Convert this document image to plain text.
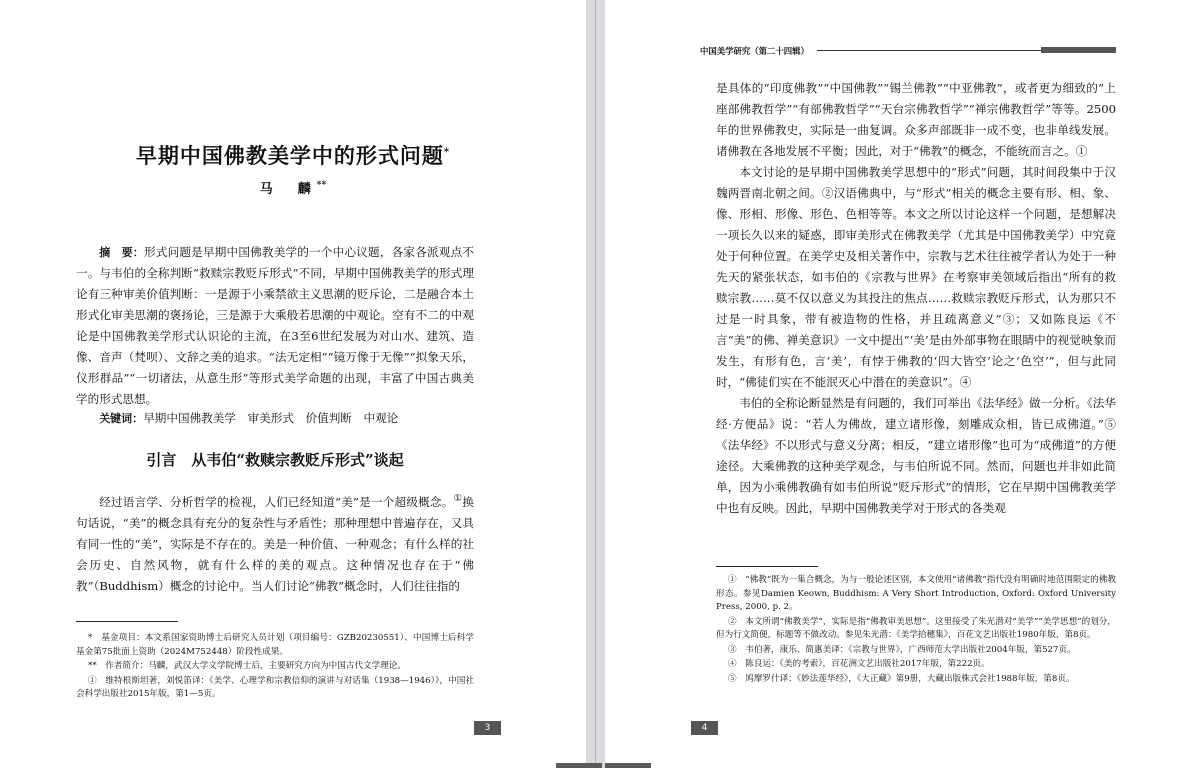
早期中国佛教美学中的形式问题*
马　麟**

摘　要：形式问题是早期中国佛教美学的一个中心议题，各家各派观点不一。与韦伯的全称判断“救赎宗教贬斥形式”不同，早期中国佛教美学的形式理论有三种审美价值判断：一是源于小乘禁欲主义思潮的贬斥论，二是融合本土形式化审美思潮的褒扬论，三是源于大乘般若思潮的中观论。空有不二的中观论是中国佛教美学形式认识论的主流，在3至6世纪发展为对山水、建筑、造像、音声（梵呗）、文辞之美的追求。“法无定相”“镜万像于无像”“拟象天乐，仪形群品”“一切诸法，从意生形”等形式美学命题的出现，丰富了中国古典美学的形式思想。

关键词：早期中国佛教美学　审美形式　价值判断　中观论

引言　从韦伯“救赎宗教贬斥形式”谈起

经过语言学、分析哲学的检视，人们已经知道“美”是一个超级概念。①换句话说，“美”的概念具有充分的复杂性与矛盾性；那种理想中普遍存在，又具有同一性的“美”，实际是不存在的。美是一种价值、一种观念；有什么样的社会历史、自然风物，就有什么样的美的观点。这种情况也存在于“佛教”（Buddhism）概念的讨论中。当人们讨论“佛教”概念时，人们往往指的

*　基金项目：本文系国家资助博士后研究人员计划（项目编号：GZB20230551）、中国博士后科学基金第75批面上资助（2024M752448）阶段性成果。

**　作者简介：马麟，武汉大学文学院博士后，主要研究方向为中国古代文学理论。

①　维特根斯坦著，刘悦笛译：《美学、心理学和宗教信仰的演讲与对话集（1938—1946）》，中国社会科学出版社2015年版，第1—5页。

3
中国美学研究（第二十四辑）

是具体的“印度佛教”“中国佛教”“锡兰佛教”“中亚佛教”，或者更为细致的“上座部佛教哲学”“有部佛教哲学”“天台宗佛教哲学”“禅宗佛教哲学”等等。2500年的世界佛教史，实际是一曲复调。众多声部既非一成不变，也非单线发展。诸佛教在各地发展不平衡；因此，对于“佛教”的概念，不能统而言之。①

本文讨论的是早期中国佛教美学思想中的“形式”问题，其时间段集中于汉魏两晋南北朝之间。②汉语佛典中，与“形式”相关的概念主要有形、相、象、像、形相、形像、形色、色相等等。本文之所以讨论这样一个问题，是想解决一项长久以来的疑惑，即审美形式在佛教美学（尤其是中国佛教美学）中究竟处于何种位置。在美学史及相关著作中，宗教与艺术往往被学者认为处于一种先天的紧张状态，如韦伯的《宗教与世界》在考察审美领域后指出“所有的救赎宗教……莫不仅以意义为其投注的焦点……救赎宗教贬斥形式，认为那只不过是一时具象，带有被造物的性格，并且疏离意义”③；又如陈良运《不言“美”的佛、禅美意识》一文中提出“‘美’是由外部事物在眼睛中的视觉映象而发生，有形有色，言‘美’，有悖于佛教的‘四大皆空’论之‘色空’”，但与此同时，“佛徒们实在不能泯灭心中潜在的美意识”。④

韦伯的全称论断显然是有问题的，我们可举出《法华经》做一分析。《法华经·方便品》说：“若人为佛故，建立诸形像，刻雕成众相，皆已成佛道。”⑤《法华经》不以形式与意义分离；相反，“建立诸形像”也可为“成佛道”的方便途径。大乘佛教的这种美学观念，与韦伯所说不同。然而，问题也并非如此简单，因为小乘佛教确有如韦伯所说“贬斥形式”的情形，它在早期中国佛教美学中也有反映。因此，早期中国佛教美学对于形式的各类观

①　“佛教”既为一集合概念，为与一般论述区别，本文使用“诸佛教”指代没有明确时地范围限定的佛教形态。参见Damien Keown, Buddhism: A Very Short Introduction, Oxford: Oxford University Press, 2000, p. 2。

②　本文所谓“佛教美学”，实际是指“佛教审美思想”。这里接受了朱光潜对“美学”“美学思想”的划分，但为行文简便，标题等不做改动。参见朱光潜：《美学拾穗集》，百花文艺出版社1980年版，第8页。

③　韦伯著，康乐、简惠美译：《宗教与世界》，广西师范大学出版社2004年版，第527页。

④　陈良运：《美的考索》，百花洲文艺出版社2017年版，第222页。

⑤　鸠摩罗什译：《妙法莲华经》，《大正藏》第9册，大藏出版株式会社1988年版，第8页。

4
